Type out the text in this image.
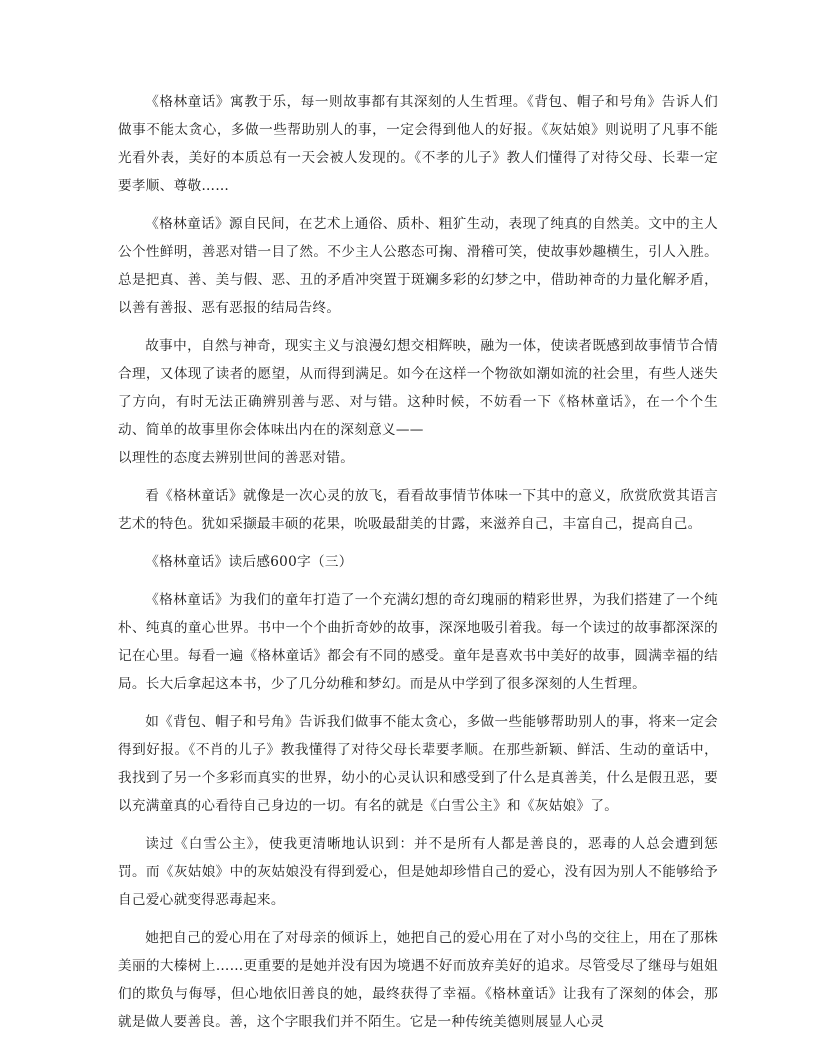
《格林童话》寓教于乐，每一则故事都有其深刻的人生哲理。《背包、帽子和号角》告诉人们做事不能太贪心，多做一些帮助别人的事，一定会得到他人的好报。《灰姑娘》则说明了凡事不能光看外表，美好的本质总有一天会被人发现的。《不孝的儿子》教人们懂得了对待父母、长辈一定要孝顺、尊敬……

《格林童话》源自民间，在艺术上通俗、质朴、粗犷生动，表现了纯真的自然美。文中的主人公个性鲜明，善恶对错一目了然。不少主人公憨态可掬、滑稽可笑，使故事妙趣横生，引人入胜。总是把真、善、美与假、恶、丑的矛盾冲突置于斑斓多彩的幻梦之中，借助神奇的力量化解矛盾，以善有善报、恶有恶报的结局告终。

故事中，自然与神奇，现实主义与浪漫幻想交相辉映，融为一体，使读者既感到故事情节合情合理，又体现了读者的愿望，从而得到满足。如今在这样一个物欲如潮如流的社会里，有些人迷失了方向，有时无法正确辨别善与恶、对与错。这种时候，不妨看一下《格林童话》，在一个个生动、简单的故事里你会体味出内在的深刻意义——

以理性的态度去辨别世间的善恶对错。

看《格林童话》就像是一次心灵的放飞，看看故事情节体味一下其中的意义，欣赏欣赏其语言艺术的特色。犹如采撷最丰硕的花果，吮吸最甜美的甘露，来滋养自己，丰富自己，提高自己。

《格林童话》读后感600字（三）

《格林童话》为我们的童年打造了一个充满幻想的奇幻瑰丽的精彩世界，为我们搭建了一个纯朴、纯真的童心世界。书中一个个曲折奇妙的故事，深深地吸引着我。每一个读过的故事都深深的记在心里。每看一遍《格林童话》都会有不同的感受。童年是喜欢书中美好的故事，圆满幸福的结局。长大后拿起这本书，少了几分幼稚和梦幻。而是从中学到了很多深刻的人生哲理。

如《背包、帽子和号角》告诉我们做事不能太贪心，多做一些能够帮助别人的事，将来一定会得到好报。《不肖的儿子》教我懂得了对待父母长辈要孝顺。在那些新颖、鲜活、生动的童话中，我找到了另一个多彩而真实的世界，幼小的心灵认识和感受到了什么是真善美，什么是假丑恶，要以充满童真的心看待自己身边的一切。有名的就是《白雪公主》和《灰姑娘》了。

读过《白雪公主》，使我更清晰地认识到：并不是所有人都是善良的，恶毒的人总会遭到惩罚。而《灰姑娘》中的灰姑娘没有得到爱心，但是她却珍惜自己的爱心，没有因为别人不能够给予自己爱心就变得恶毒起来。

她把自己的爱心用在了对母亲的倾诉上，她把自己的爱心用在了对小鸟的交往上，用在了那株美丽的大榛树上……更重要的是她并没有因为境遇不好而放弃美好的追求。尽管受尽了继母与姐姐们的欺负与侮辱，但心地依旧善良的她，最终获得了幸福。《格林童话》让我有了深刻的体会，那就是做人要善良。善，这个字眼我们并不陌生。它是一种传统美德则展显人心灵
